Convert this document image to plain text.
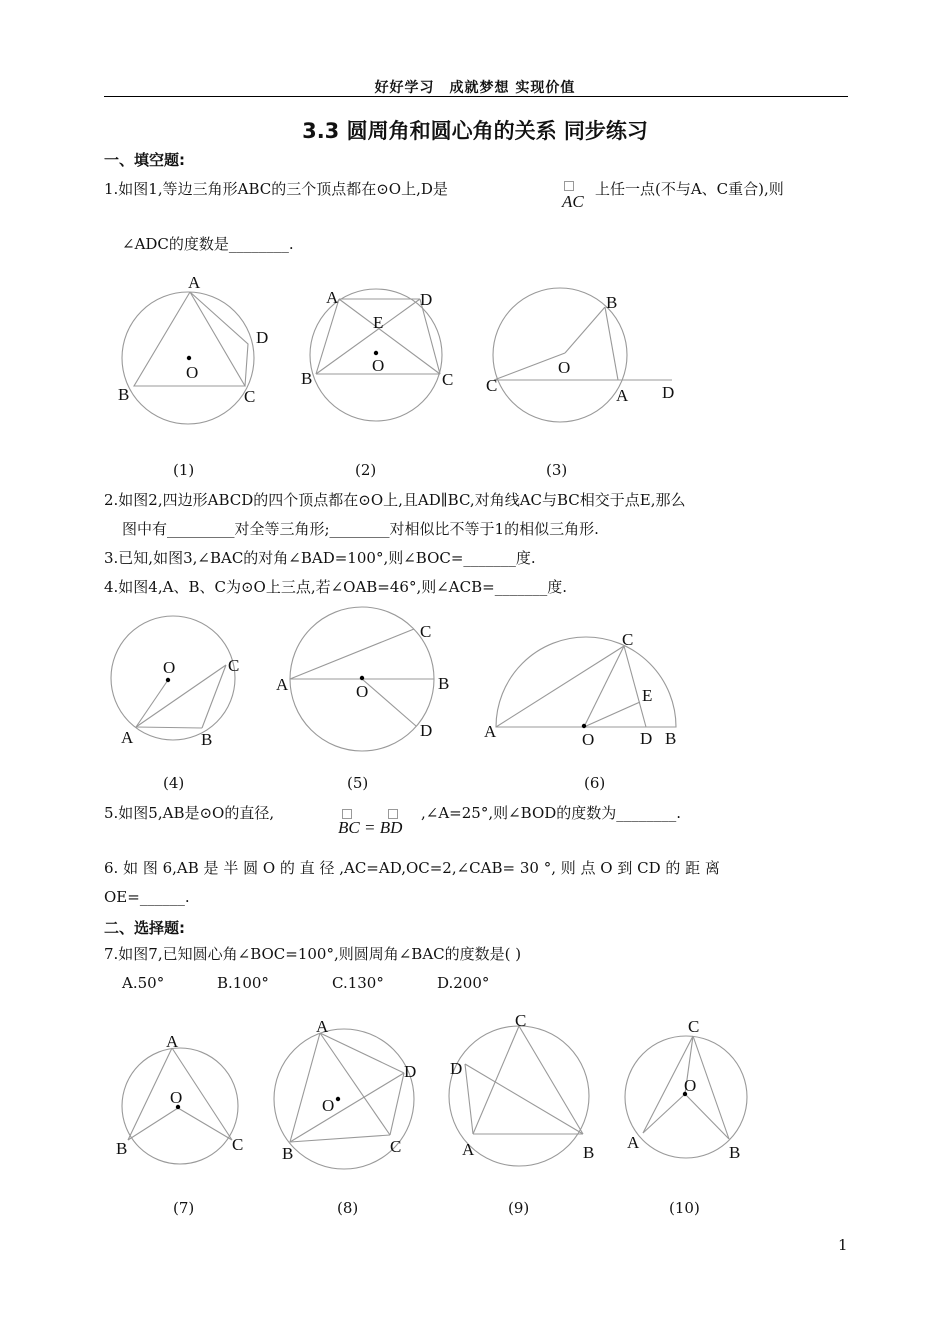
好好学习　成就梦想 实现价值
3.3 圆周角和圆心角的关系 同步练习
一、填空题:
1.如图1,等边三角形ABC的三个顶点都在⊙O上,D是
AC
上任一点(不与A、C重合),则
∠ADC的度数是________.
A
B	C
D
O
A
B	C
D
E
O
B
C
O
A D
(1)	(2)	(3)
2.如图2,四边形ABCD的四个顶点都在⊙O上,且AD∥BC,对角线AC与BC相交于点E,那么
图中有_________对全等三角形;________对相似比不等于1的相似三角形.
3.已知,如图3,∠BAC的对角∠BAD=100°,则∠BOC=_______度.
4.如图4,A、B、C为⊙O上三点,若∠OAB=46°,则∠ACB=_______度.
O	C
A	B
C
A	O	B
D
C
E
A	O	D B
(4)	(5)	(6)
5.如图5,AB是⊙O的直径,
BC = BD
,∠A=25°,则∠BOD的度数为________.
6. 如 图 6,AB 是 半 圆 O 的 直 径 ,AC=AD,OC=2,∠CAB= 30 °, 则 点 O 到 CD 的 距 离
OE=______.
二、选择题:
7.如图7,已知圆心角∠BOC=100°,则圆周角∠BAC的度数是( )
A.50°	B.100°	C.130°	D.200°
A
O
B	C
A
D
O
B	C
C
D
A	B
C
O
A
B
(7)	(8)	(9)	(10)
1
